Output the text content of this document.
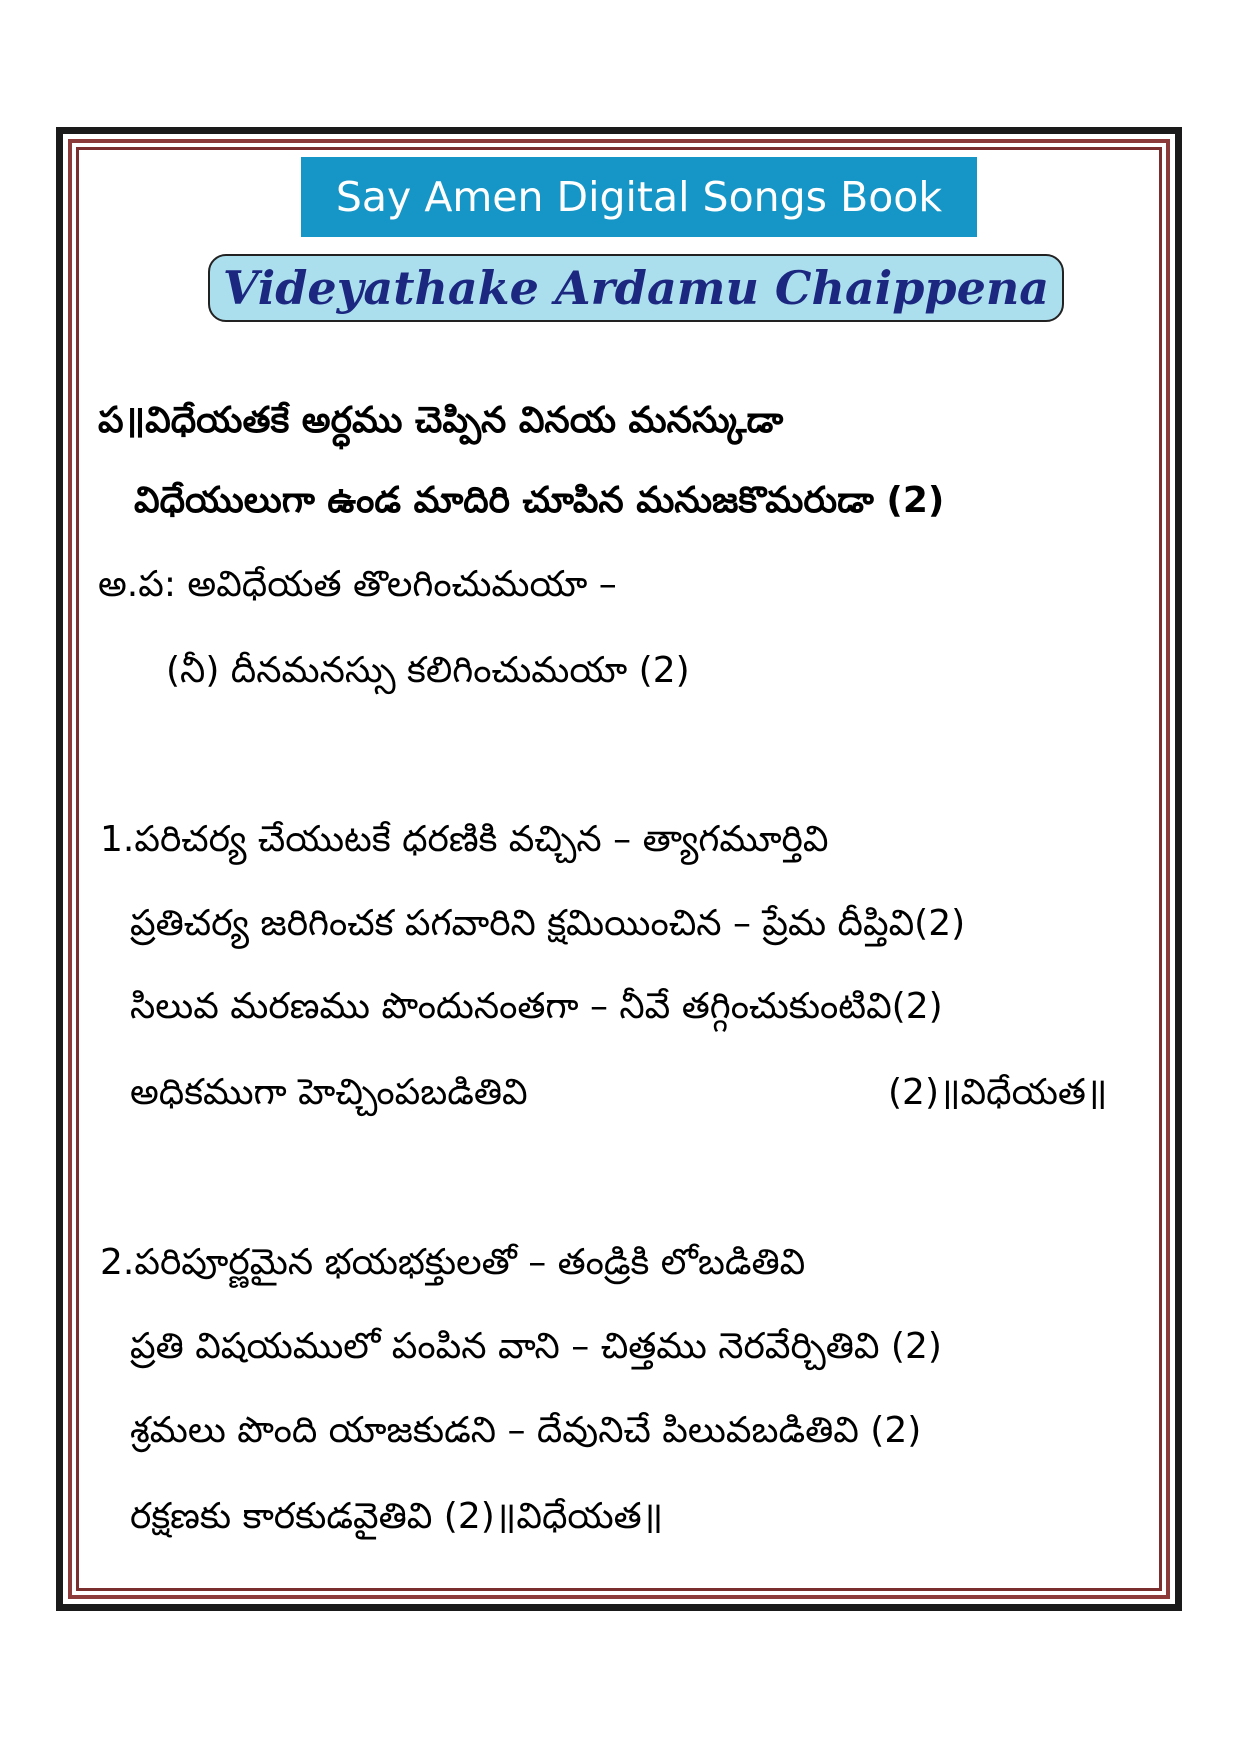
Say Amen Digital Songs Book
Videyathake Ardamu Chaippena
ప॥విధేయతకే అర్ధము చెప్పిన వినయ మనస్కుడా
విధేయులుగా ఉండ మాదిరి చూపిన మనుజకొమరుడా (2)
అ.ప: అవిధేయత తొలగించుమయా –
(నీ) దీనమనస్సు కలిగించుమయా (2)
1.పరిచర్య చేయుటకే ధరణికి వచ్చిన – త్యాగమూర్తివి
ప్రతిచర్య జరిగించక పగవారిని క్షమియించిన – ప్రేమ దీప్తివి(2)
సిలువ మరణము పొందునంతగా – నీవే తగ్గించుకుంటివి(2)
అధికముగా హెచ్చింపబడితివి	(2)॥విధేయత॥
2.పరిపూర్ణమైన భయభక్తులతో – తండ్రికి లోబడితివి
ప్రతి విషయములో పంపిన వాని – చిత్తము నెరవేర్చితివి (2)
శ్రమలు పొంది యాజకుడని – దేవునిచే పిలువబడితివి (2)
రక్షణకు కారకుడవైతివి (2)॥విధేయత॥
